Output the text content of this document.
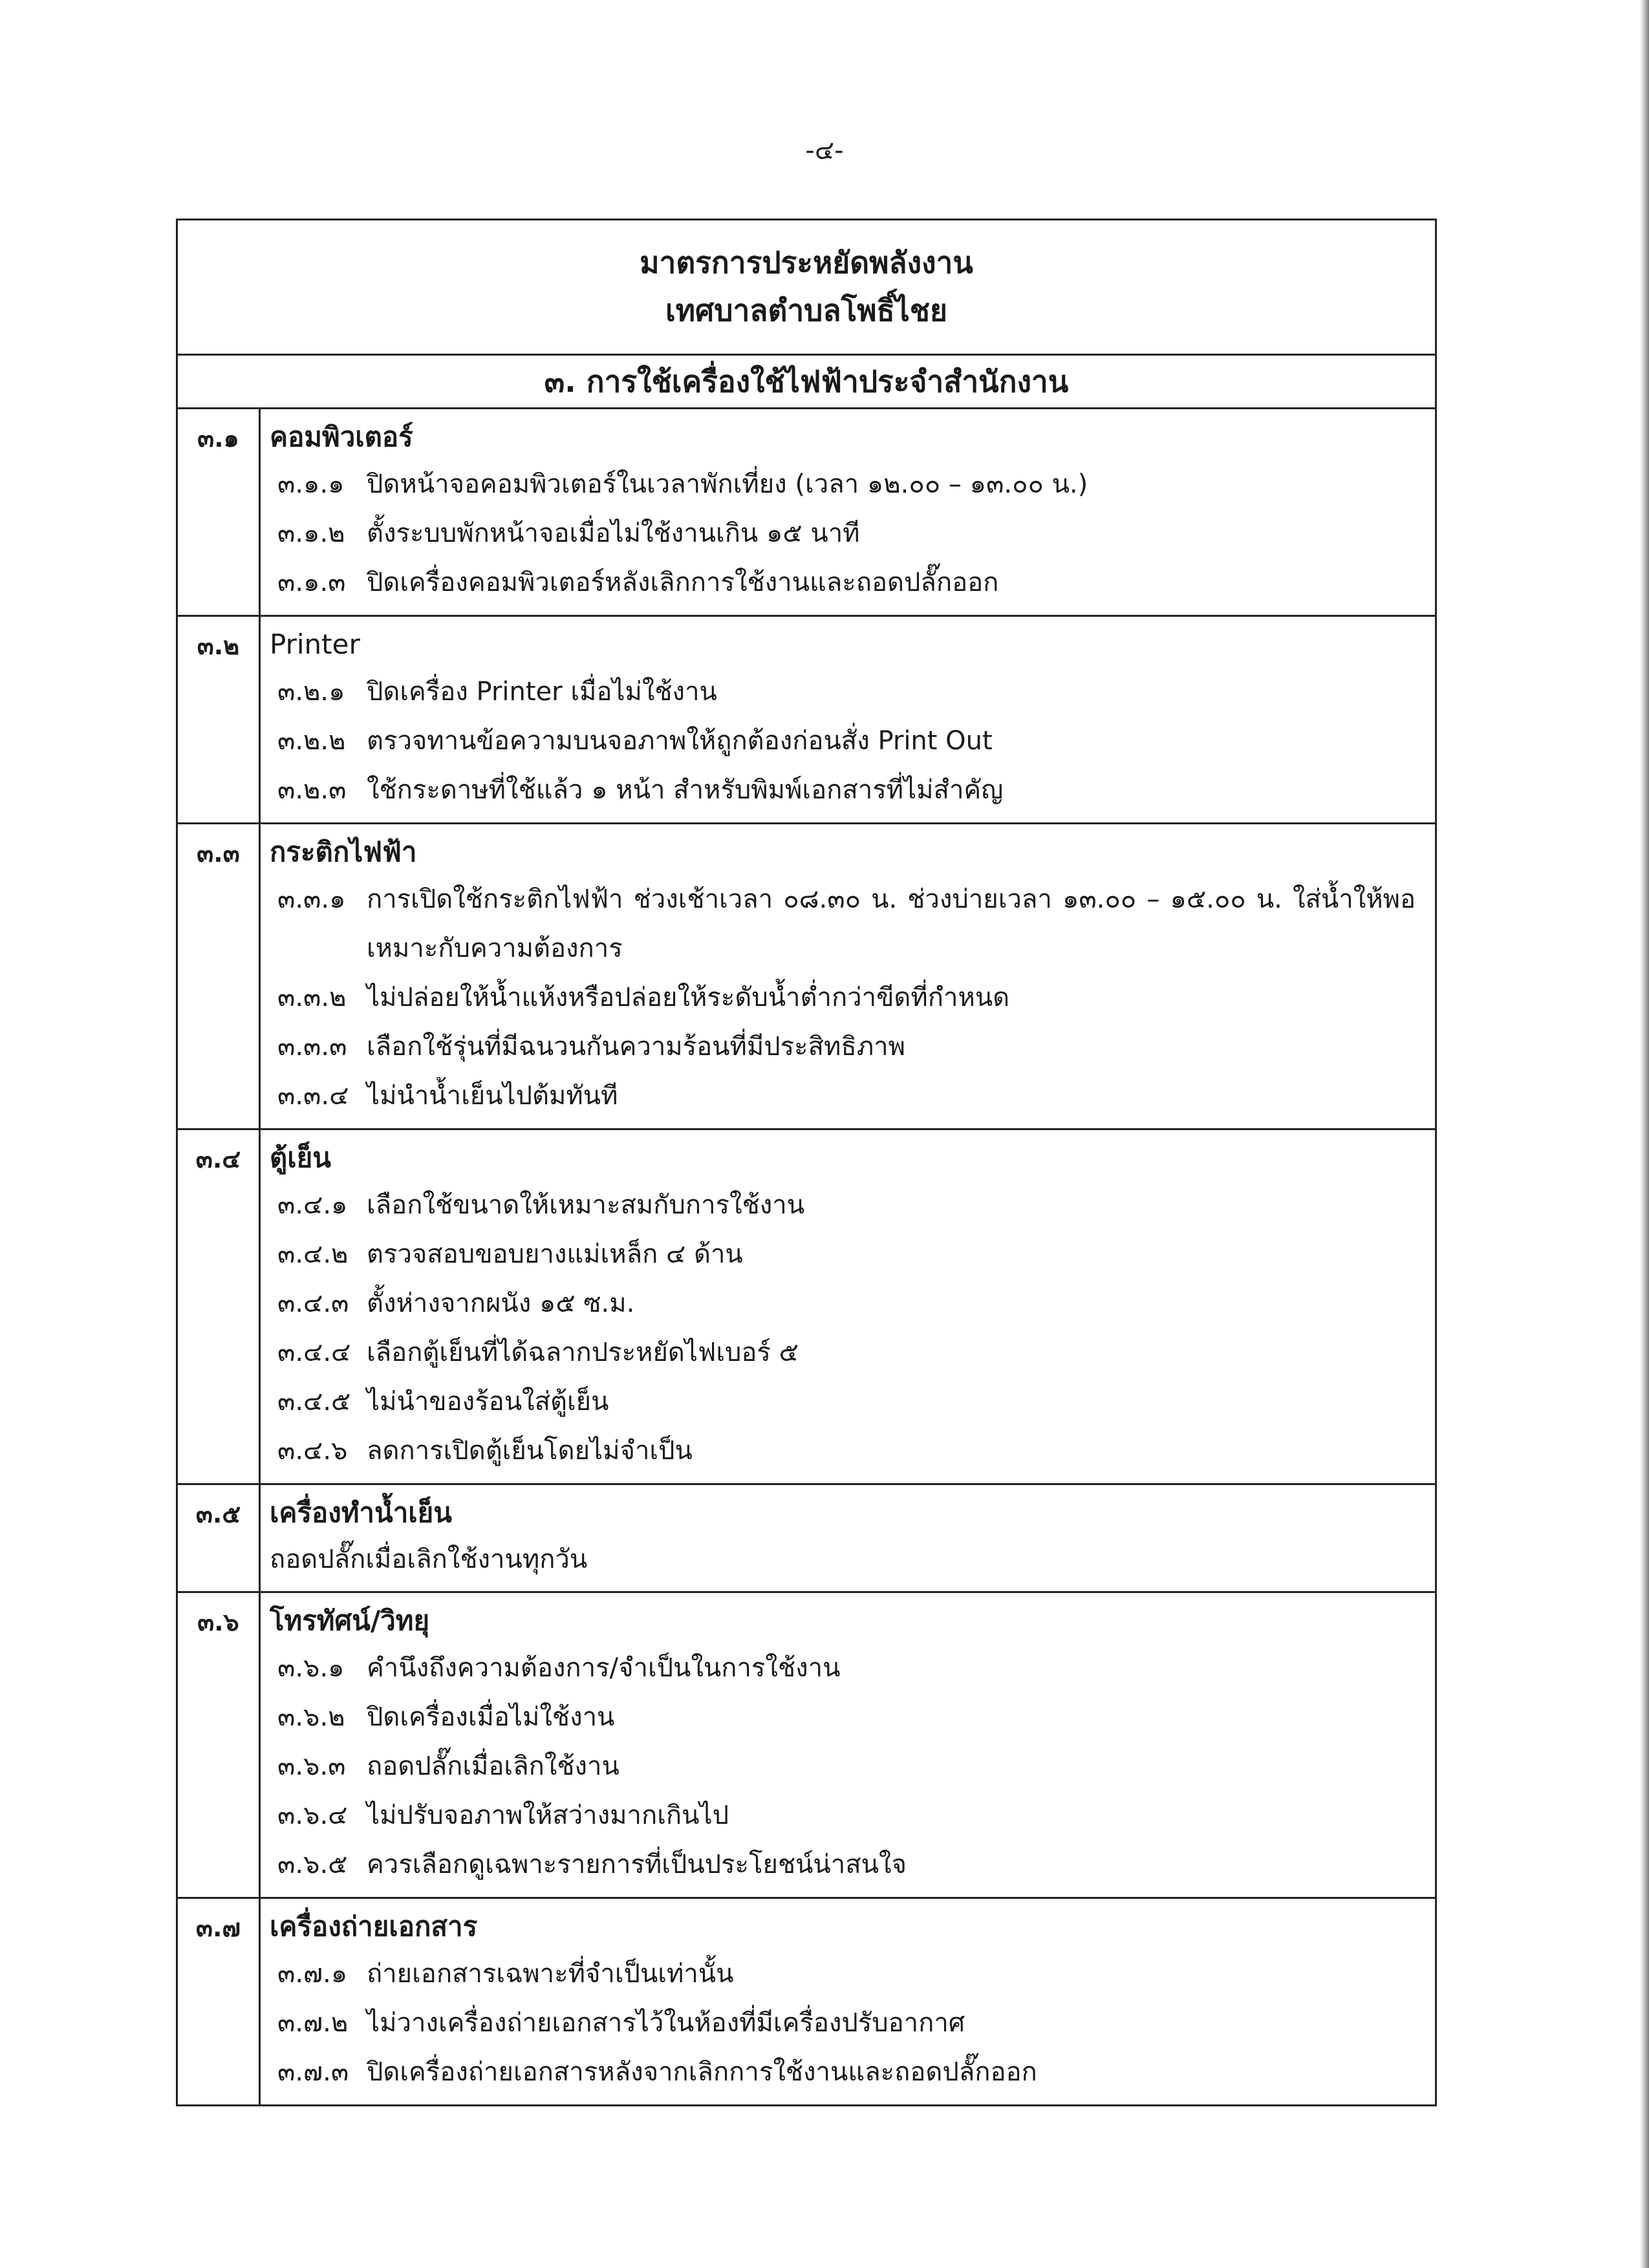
-๔-
มาตรการประหยัดพลังงาน
เทศบาลตำบลโพธิ์ไชย
๓. การใช้เครื่องใช้ไฟฟ้าประจำสำนักงาน
๓.๑	คอมพิวเตอร์
๓.๑.๑ ปิดหน้าจอคอมพิวเตอร์ในเวลาพักเที่ยง (เวลา ๑๒.๐๐ – ๑๓.๐๐ น.)
๓.๑.๒ ตั้งระบบพักหน้าจอเมื่อไม่ใช้งานเกิน ๑๕ นาที
๓.๑.๓ ปิดเครื่องคอมพิวเตอร์หลังเลิกการใช้งานและถอดปลั๊กออก
๓.๒	Printer
๓.๒.๑ ปิดเครื่อง Printer เมื่อไม่ใช้งาน
๓.๒.๒ ตรวจทานข้อความบนจอภาพให้ถูกต้องก่อนสั่ง Print Out
๓.๒.๓ ใช้กระดาษที่ใช้แล้ว ๑ หน้า สำหรับพิมพ์เอกสารที่ไม่สำคัญ
๓.๓	กระติกไฟฟ้า
๓.๓.๑ การเปิดใช้กระติกไฟฟ้า ช่วงเช้าเวลา ๐๘.๓๐ น. ช่วงบ่ายเวลา ๑๓.๐๐ – ๑๕.๐๐ น. ใส่น้ำให้พอเหมาะกับความต้องการ
๓.๓.๒ ไม่ปล่อยให้น้ำแห้งหรือปล่อยให้ระดับน้ำต่ำกว่าขีดที่กำหนด
๓.๓.๓ เลือกใช้รุ่นที่มีฉนวนกันความร้อนที่มีประสิทธิภาพ
๓.๓.๔ ไม่นำน้ำเย็นไปต้มทันที
๓.๔	ตู้เย็น
๓.๔.๑ เลือกใช้ขนาดให้เหมาะสมกับการใช้งาน
๓.๔.๒ ตรวจสอบขอบยางแม่เหล็ก ๔ ด้าน
๓.๔.๓ ตั้งห่างจากผนัง ๑๕ ซ.ม.
๓.๔.๔ เลือกตู้เย็นที่ได้ฉลากประหยัดไฟเบอร์ ๕
๓.๔.๕ ไม่นำของร้อนใส่ตู้เย็น
๓.๔.๖ ลดการเปิดตู้เย็นโดยไม่จำเป็น
๓.๕	เครื่องทำน้ำเย็น
ถอดปลั๊กเมื่อเลิกใช้งานทุกวัน
๓.๖	โทรทัศน์/วิทยุ
๓.๖.๑ คำนึงถึงความต้องการ/จำเป็นในการใช้งาน
๓.๖.๒ ปิดเครื่องเมื่อไม่ใช้งาน
๓.๖.๓ ถอดปลั๊กเมื่อเลิกใช้งาน
๓.๖.๔ ไม่ปรับจอภาพให้สว่างมากเกินไป
๓.๖.๕ ควรเลือกดูเฉพาะรายการที่เป็นประโยชน์น่าสนใจ
๓.๗	เครื่องถ่ายเอกสาร
๓.๗.๑ ถ่ายเอกสารเฉพาะที่จำเป็นเท่านั้น
๓.๗.๒ ไม่วางเครื่องถ่ายเอกสารไว้ในห้องที่มีเครื่องปรับอากาศ
๓.๗.๓ ปิดเครื่องถ่ายเอกสารหลังจากเลิกการใช้งานและถอดปลั๊กออก
